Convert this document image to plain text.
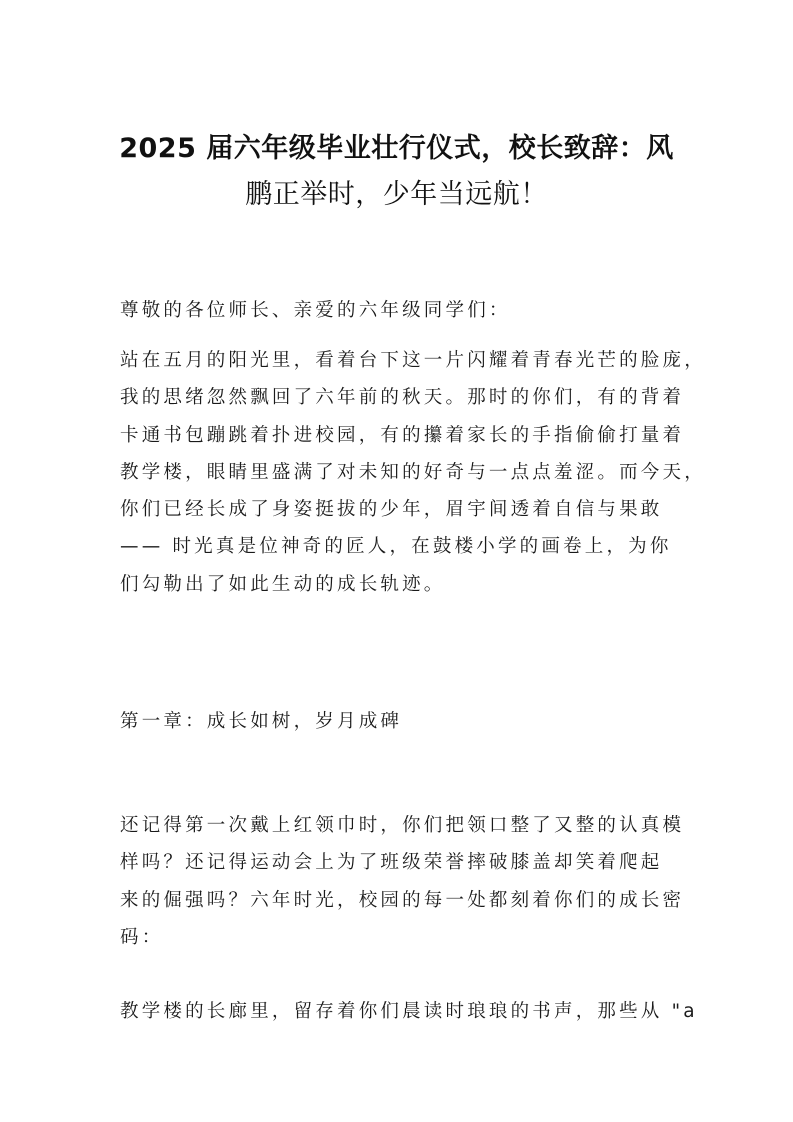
2025 届六年级毕业壮行仪式，校长致辞：风
鹏正举时，少年当远航！
尊敬的各位师长、亲爱的六年级同学们：
站在五月的阳光里，看着台下这一片闪耀着青春光芒的脸庞，
我的思绪忽然飘回了六年前的秋天。那时的你们，有的背着
卡通书包蹦跳着扑进校园，有的攥着家长的手指偷偷打量着
教学楼，眼睛里盛满了对未知的好奇与一点点羞涩。而今天，
你们已经长成了身姿挺拔的少年，眉宇间透着自信与果敢
—— 时光真是位神奇的匠人，在鼓楼小学的画卷上，为你
们勾勒出了如此生动的成长轨迹。
第一章：成长如树，岁月成碑
还记得第一次戴上红领巾时，你们把领口整了又整的认真模
样吗？还记得运动会上为了班级荣誉摔破膝盖却笑着爬起
来的倔强吗？六年时光，校园的每一处都刻着你们的成长密
码：
教学楼的长廊里，留存着你们晨读时琅琅的书声，那些从 "a
